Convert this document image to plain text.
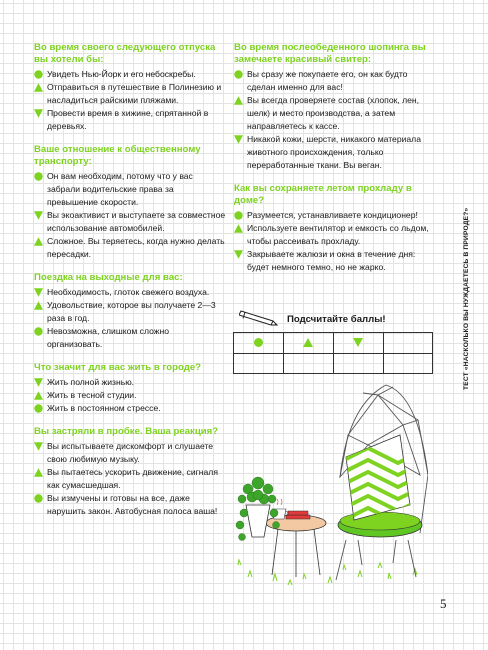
Во время своего следующего отпуска вы хотели бы:
Увидеть Нью-Йорк и его небоскребы.
Отправиться в путешествие в Полинезию и насладиться райскими пляжами.
Провести время в хижине, спрятанной в деревьях.
Ваше отношение к общественному транспорту:
Он вам необходим, потому что у вас забрали водительские права за превышение скорости.
Вы экоактивист и выступаете за совместное использование автомобилей.
Сложное. Вы теряетесь, когда нужно делать пересадки.
Поездка на выходные для вас:
Необходимость, глоток свежего воздуха.
Удовольствие, которое вы получаете 2—3 раза в год.
Невозможна, слишком сложно организовать.
Что значит для вас жить в городе?
Жить полной жизнью.
Жить в тесной студии.
Жить в постоянном стрессе.
Вы застряли в пробке. Ваша реакция?
Вы испытываете дискомфорт и слушаете свою любимую музыку.
Вы пытаетесь ускорить движение, сигналя как сумасшедшая.
Вы измучены и готовы на все, даже нарушить закон. Автобусная полоса ваша!
Во время послеобеденного шопинга вы замечаете красивый свитер:
Вы сразу же покупаете его, он как будто сделан именно для вас!
Вы всегда проверяете состав (хлопок, лен, шелк) и место производства, а затем направляетесь к кассе.
Никакой кожи, шерсти, никакого материала животного происхождения, только переработанные ткани. Вы веган.
Как вы сохраняете летом прохладу в доме?
Разумеется, устанавливаете кондиционер!
Используете вентилятор и емкость со льдом, чтобы рассеивать прохладу.
Закрываете жалюзи и окна в течение дня: будет немного темно, но не жарко.
Подсчитайте баллы!

				ТЕСТ «НАСКОЛЬКО ВЫ НУЖДАЕТЕСЬ В ПРИРОДЕ?»
5
